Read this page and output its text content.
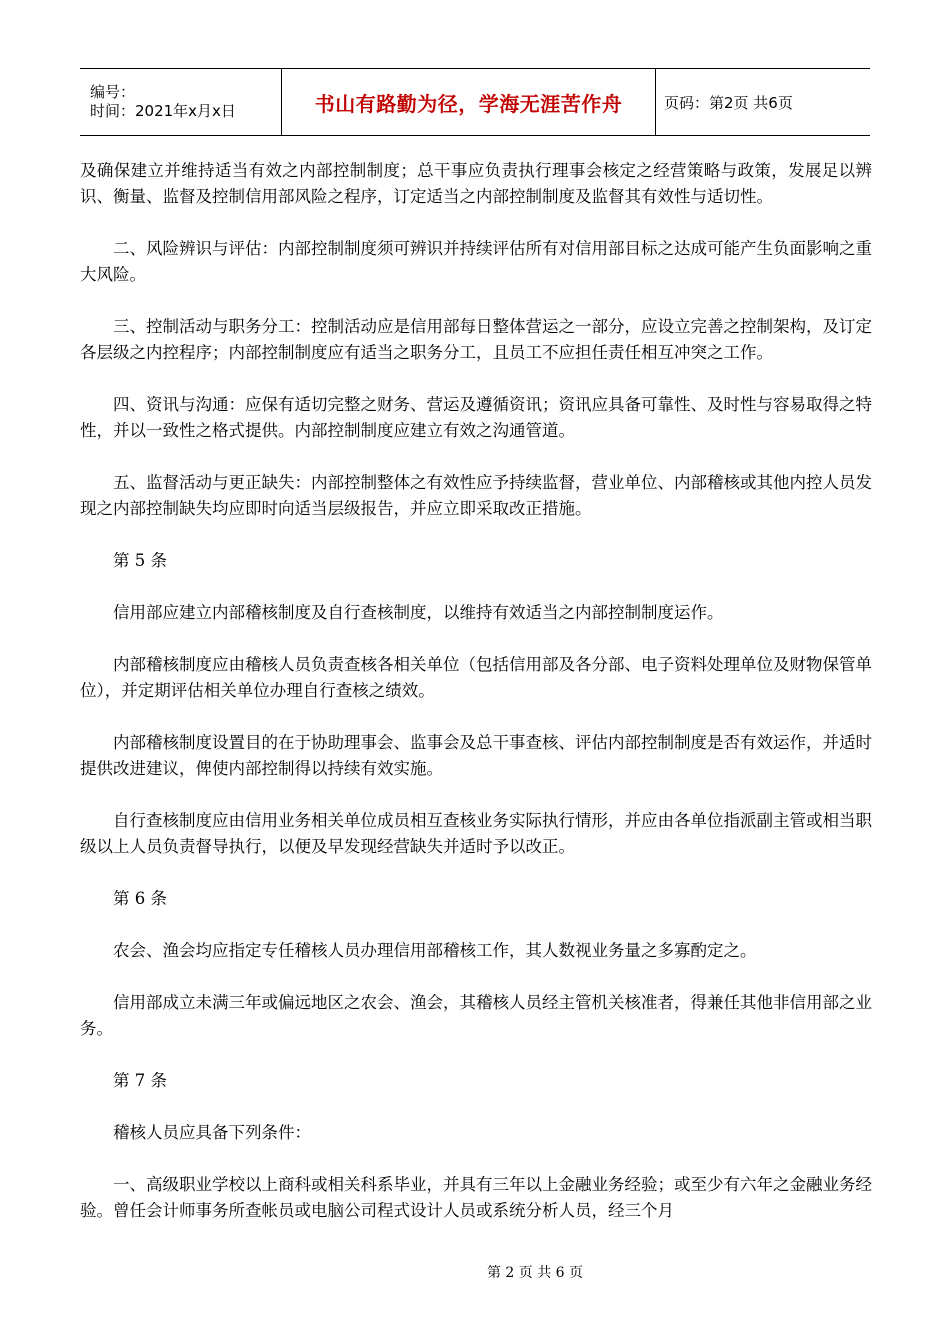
编号：
时间：2021年x月x日	书山有路勤为径，学海无涯苦作舟	页码：第2页 共6页

及确保建立并维持适当有效之内部控制制度；总干事应负责执行理事会核定之经营策略与政策，发展足以辨识、衡量、监督及控制信用部风险之程序，订定适当之内部控制制度及监督其有效性与适切性。

二、风险辨识与评估：内部控制制度须可辨识并持续评估所有对信用部目标之达成可能产生负面影响之重大风险。

三、控制活动与职务分工：控制活动应是信用部每日整体营运之一部分，应设立完善之控制架构，及订定各层级之内控程序；内部控制制度应有适当之职务分工，且员工不应担任责任相互冲突之工作。

四、资讯与沟通：应保有适切完整之财务、营运及遵循资讯；资讯应具备可靠性、及时性与容易取得之特性，并以一致性之格式提供。内部控制制度应建立有效之沟通管道。

五、监督活动与更正缺失：内部控制整体之有效性应予持续监督，营业单位、内部稽核或其他内控人员发现之内部控制缺失均应即时向适当层级报告，并应立即采取改正措施。

第 5 条

信用部应建立内部稽核制度及自行查核制度，以维持有效适当之内部控制制度运作。

内部稽核制度应由稽核人员负责查核各相关单位（包括信用部及各分部、电子资料处理单位及财物保管单位），并定期评估相关单位办理自行查核之绩效。

内部稽核制度设置目的在于协助理事会、监事会及总干事查核、评估内部控制制度是否有效运作，并适时提供改进建议，俾使内部控制得以持续有效实施。

自行查核制度应由信用业务相关单位成员相互查核业务实际执行情形，并应由各单位指派副主管或相当职级以上人员负责督导执行，以便及早发现经营缺失并适时予以改正。

第 6 条

农会、渔会均应指定专任稽核人员办理信用部稽核工作，其人数视业务量之多寡酌定之。

信用部成立未满三年或偏远地区之农会、渔会，其稽核人员经主管机关核准者，得兼任其他非信用部之业务。

第 7 条

稽核人员应具备下列条件：

一、高级职业学校以上商科或相关科系毕业，并具有三年以上金融业务经验；或至少有六年之金融业务经验。曾任会计师事务所查帐员或电脑公司程式设计人员或系统分析人员，经三个月

第 2 页 共 6 页
